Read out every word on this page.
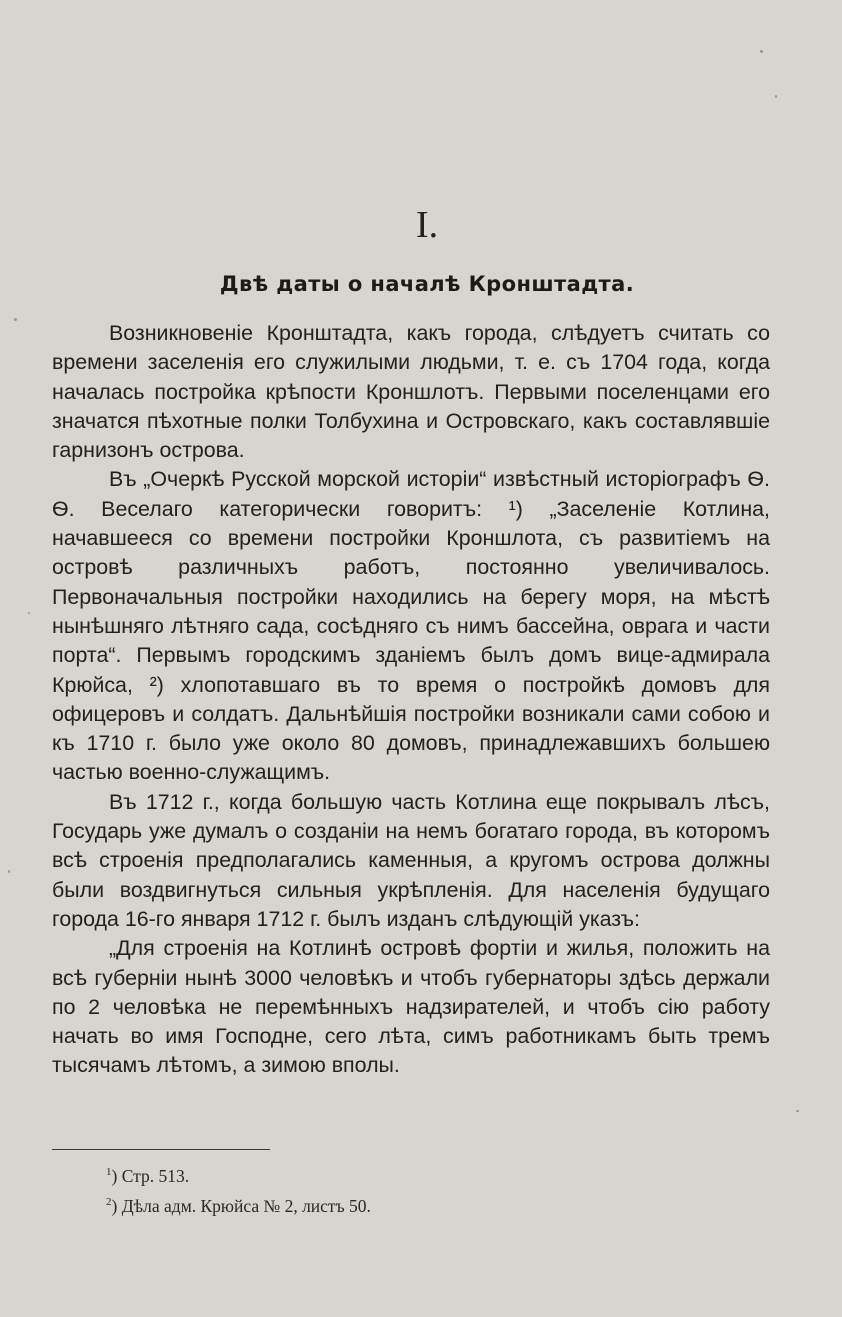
I.
Двѣ даты о началѣ Кронштадта.

Возникновеніе Кронштадта, какъ города, слѣдуетъ считать со времени заселенія его служилыми людьми, т. е. съ 1704 года, когда началась постройка крѣпости Кроншлотъ. Первыми поселенцами его значатся пѣхотные полки Толбухина и Островскаго, какъ составлявшіе гарнизонъ острова.

Въ „Очеркѣ Русской морской исторіи“ извѣстный исторіографъ Ѳ. Ѳ. Веселаго категорически говоритъ: ¹) „Заселеніе Котлина, начавшееся со времени постройки Кроншлота, съ развитіемъ на островѣ различныхъ работъ, постоянно увеличивалось. Первоначальныя постройки находились на берегу моря, на мѣстѣ нынѣшняго лѣтняго сада, сосѣдняго съ нимъ бассейна, оврага и части порта“. Первымъ городскимъ зданіемъ былъ домъ вице-адмирала Крюйса, ²) хлопотавшаго въ то время о постройкѣ домовъ для офицеровъ и солдатъ. Дальнѣйшія постройки возникали сами собою и къ 1710 г. было уже около 80 домовъ, принадлежавшихъ большею частью военно-служащимъ.

Въ 1712 г., когда большую часть Котлина еще покрывалъ лѣсъ, Государь уже думалъ о созданіи на немъ богатаго города, въ которомъ всѣ строенія предполагались каменныя, а кругомъ острова должны были воздвигнуться сильныя укрѣпленія. Для населенія будущаго города 16-го января 1712 г. былъ изданъ слѣдующій указъ:

„Для строенія на Котлинѣ островѣ фортіи и жилья, положить на всѣ губерніи нынѣ 3000 человѣкъ и чтобъ губернаторы здѣсь держали по 2 человѣка не перемѣнныхъ надзирателей, и чтобъ сію работу начать во имя Господне, сего лѣта, симъ работникамъ быть тремъ тысячамъ лѣтомъ, а зимою вполы.

$^1$) Стр. 513.
$^2$) Дѣла адм. Крюйса № 2, листъ 50.
